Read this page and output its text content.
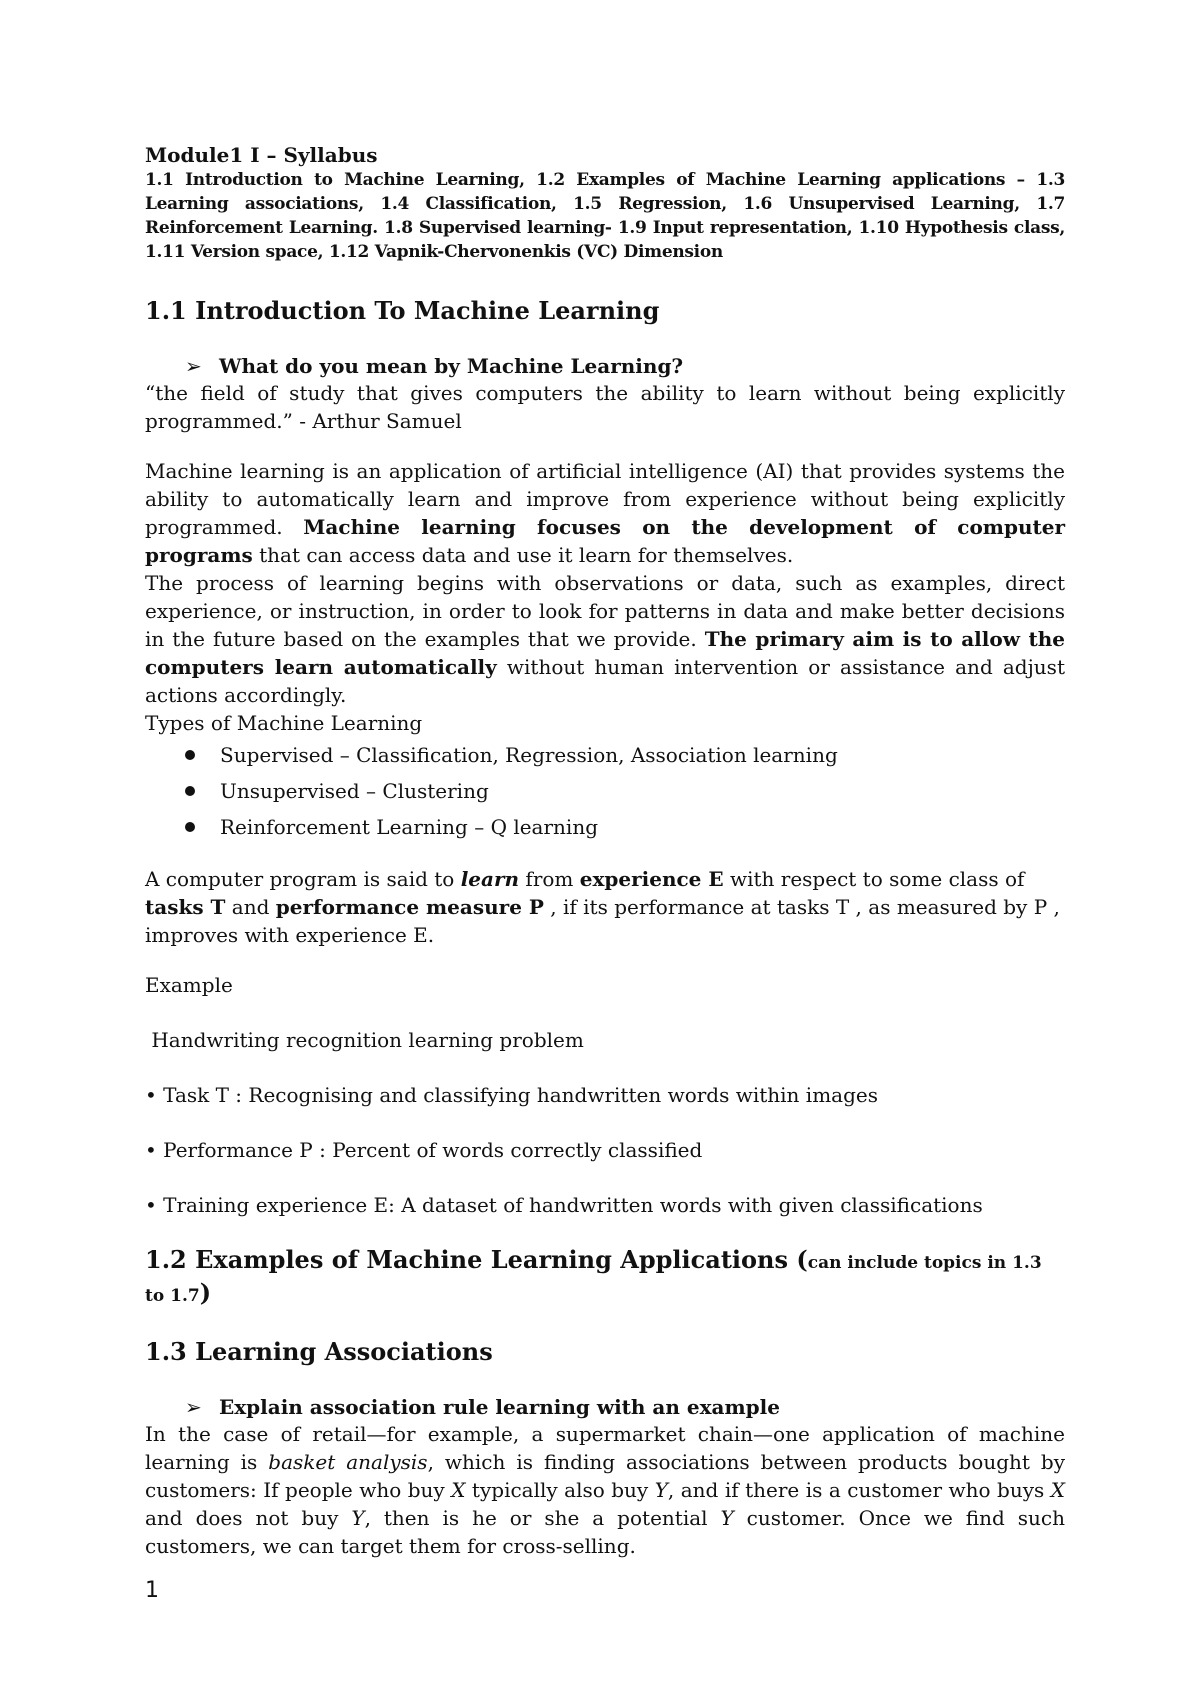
Module1 I – Syllabus

1.1 Introduction to Machine Learning, 1.2 Examples of Machine Learning applications – 1.3 Learning associations, 1.4 Classification, 1.5 Regression, 1.6 Unsupervised Learning, 1.7 Reinforcement Learning. 1.8 Supervised learning- 1.9 Input representation, 1.10 Hypothesis class, 1.11 Version space, 1.12 Vapnik-Chervonenkis (VC) Dimension

1.1 Introduction To Machine Learning

➢ What do you mean by Machine Learning?

“the field of study that gives computers the ability to learn without being explicitly programmed.” - Arthur Samuel

Machine learning is an application of artificial intelligence (AI) that provides systems the ability to automatically learn and improve from experience without being explicitly programmed. Machine learning focuses on the development of computer programs that can access data and use it learn for themselves.

The process of learning begins with observations or data, such as examples, direct experience, or instruction, in order to look for patterns in data and make better decisions in the future based on the examples that we provide. The primary aim is to allow the computers learn automatically without human intervention or assistance and adjust actions accordingly.

Types of Machine Learning

Supervised – Classification, Regression, Association learning
Unsupervised – Clustering
Reinforcement Learning – Q learning

A computer program is said to learn from experience E with respect to some class of tasks T and performance measure P , if its performance at tasks T , as measured by P , improves with experience E.

Example

Handwriting recognition learning problem

• Task T : Recognising and classifying handwritten words within images

• Performance P : Percent of words correctly classified

• Training experience E: A dataset of handwritten words with given classifications

1.2 Examples of Machine Learning Applications (can include topics in 1.3 to 1.7)
1.3 Learning Associations

➢ Explain association rule learning with an example

In the case of retail—for example, a supermarket chain—one application of machine learning is basket analysis, which is finding associations between products bought by customers: If people who buy X typically also buy Y, and if there is a customer who buys X and does not buy Y, then is he or she a potential Y customer. Once we find such customers, we can target them for cross-selling.

1
